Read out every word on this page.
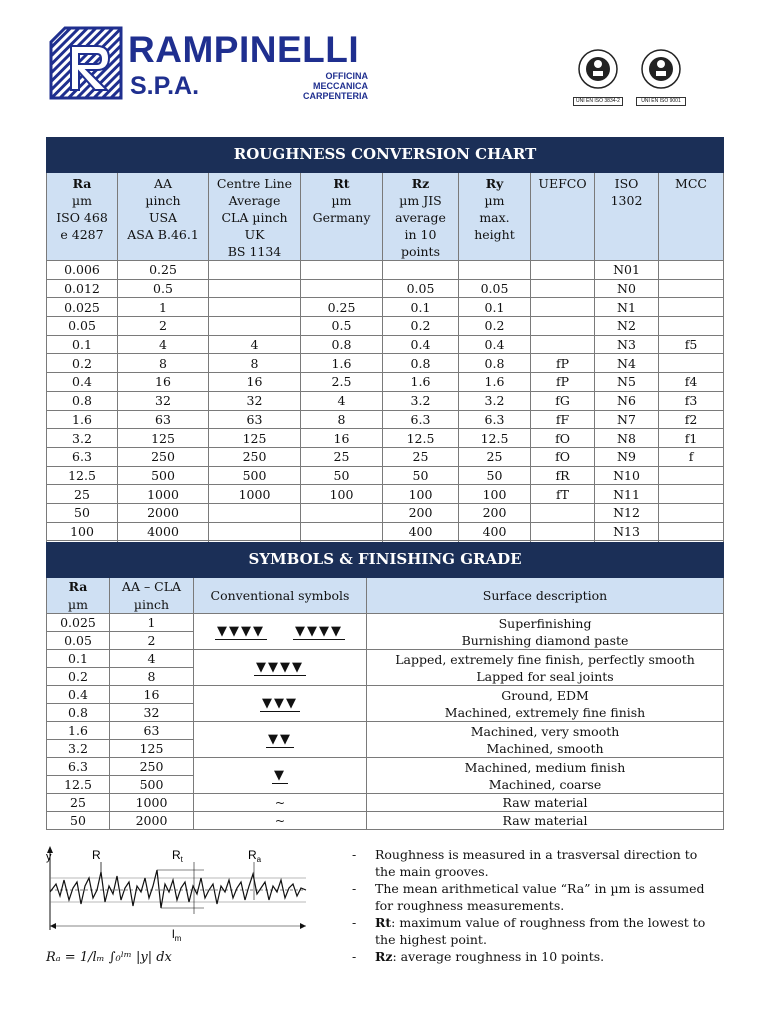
RAMPINELLI
S.P.A.	OFFICINA
MECCANICA
CARPENTERIA	UNI EN ISO 3834-2	UNI EN ISO 9001
ROUGHNESS CONVERSION CHART								
Ra
µm
ISO 468
e 4287	AA
µinch
USA
ASA B.46.1	Centre Line
Average
CLA µinch
UK
BS 1134	Rt
µm
Germany	Rz
µm JIS
average
in 10
points	Ry
µm
max.
height	UEFCO	ISO
1302	MCC
0.006	0.25						N01	
0.012	0.5			0.05	0.05		N0	
0.025	1		0.25	0.1	0.1		N1	
0.05	2		0.5	0.2	0.2		N2	
0.1	4	4	0.8	0.4	0.4		N3	f5
0.2	8	8	1.6	0.8	0.8	fP	N4	
0.4	16	16	2.5	1.6	1.6	fP	N5	f4
0.8	32	32	4	3.2	3.2	fG	N6	f3
1.6	63	63	8	6.3	6.3	fF	N7	f2
3.2	125	125	16	12.5	12.5	fO	N8	f1
6.3	250	250	25	25	25	fO	N9	f
12.5	500	500	50	50	50	fR	N10	
25	1000	1000	100	100	100	fT	N11	
50	2000			200	200		N12	
100	4000			400	400		N13	

SYMBOLS & FINISHING GRADE			
Ra
µm	AA – CLA
µinch	Conventional symbols	Surface description
0.025	1	▼▼▼▼ ▼▼▼▼	Superfinishing
Burnishing diamond paste

0.05	2		
0.1	4	▼▼▼▼	Lapped, extremely fine finish, perfectly smooth
Lapped for seal joints

0.2	8		
0.4	16	▼▼▼	Ground, EDM
Machined, extremely fine finish

0.8	32		
1.6	63	▼▼	Machined, very smooth
Machined, smooth

3.2	125		
6.3	250	▼	Machined, medium finish
Machined, coarse

12.5	500		
25	1000	~	Raw material
50	2000	~	Raw material
y	R	$R_t$	$R_a$
$l_m$
Rₐ = 1/lₘ ∫₀ˡᵐ |y| dx
- Roughness is measured in a trasversal direction to the main grooves.
- The mean arithmetical value “Ra” in µm is assumed for roughness measurements.
- Rt: maximum value of roughness from the lowest to the highest point.
- Rz: average roughness in 10 points.
